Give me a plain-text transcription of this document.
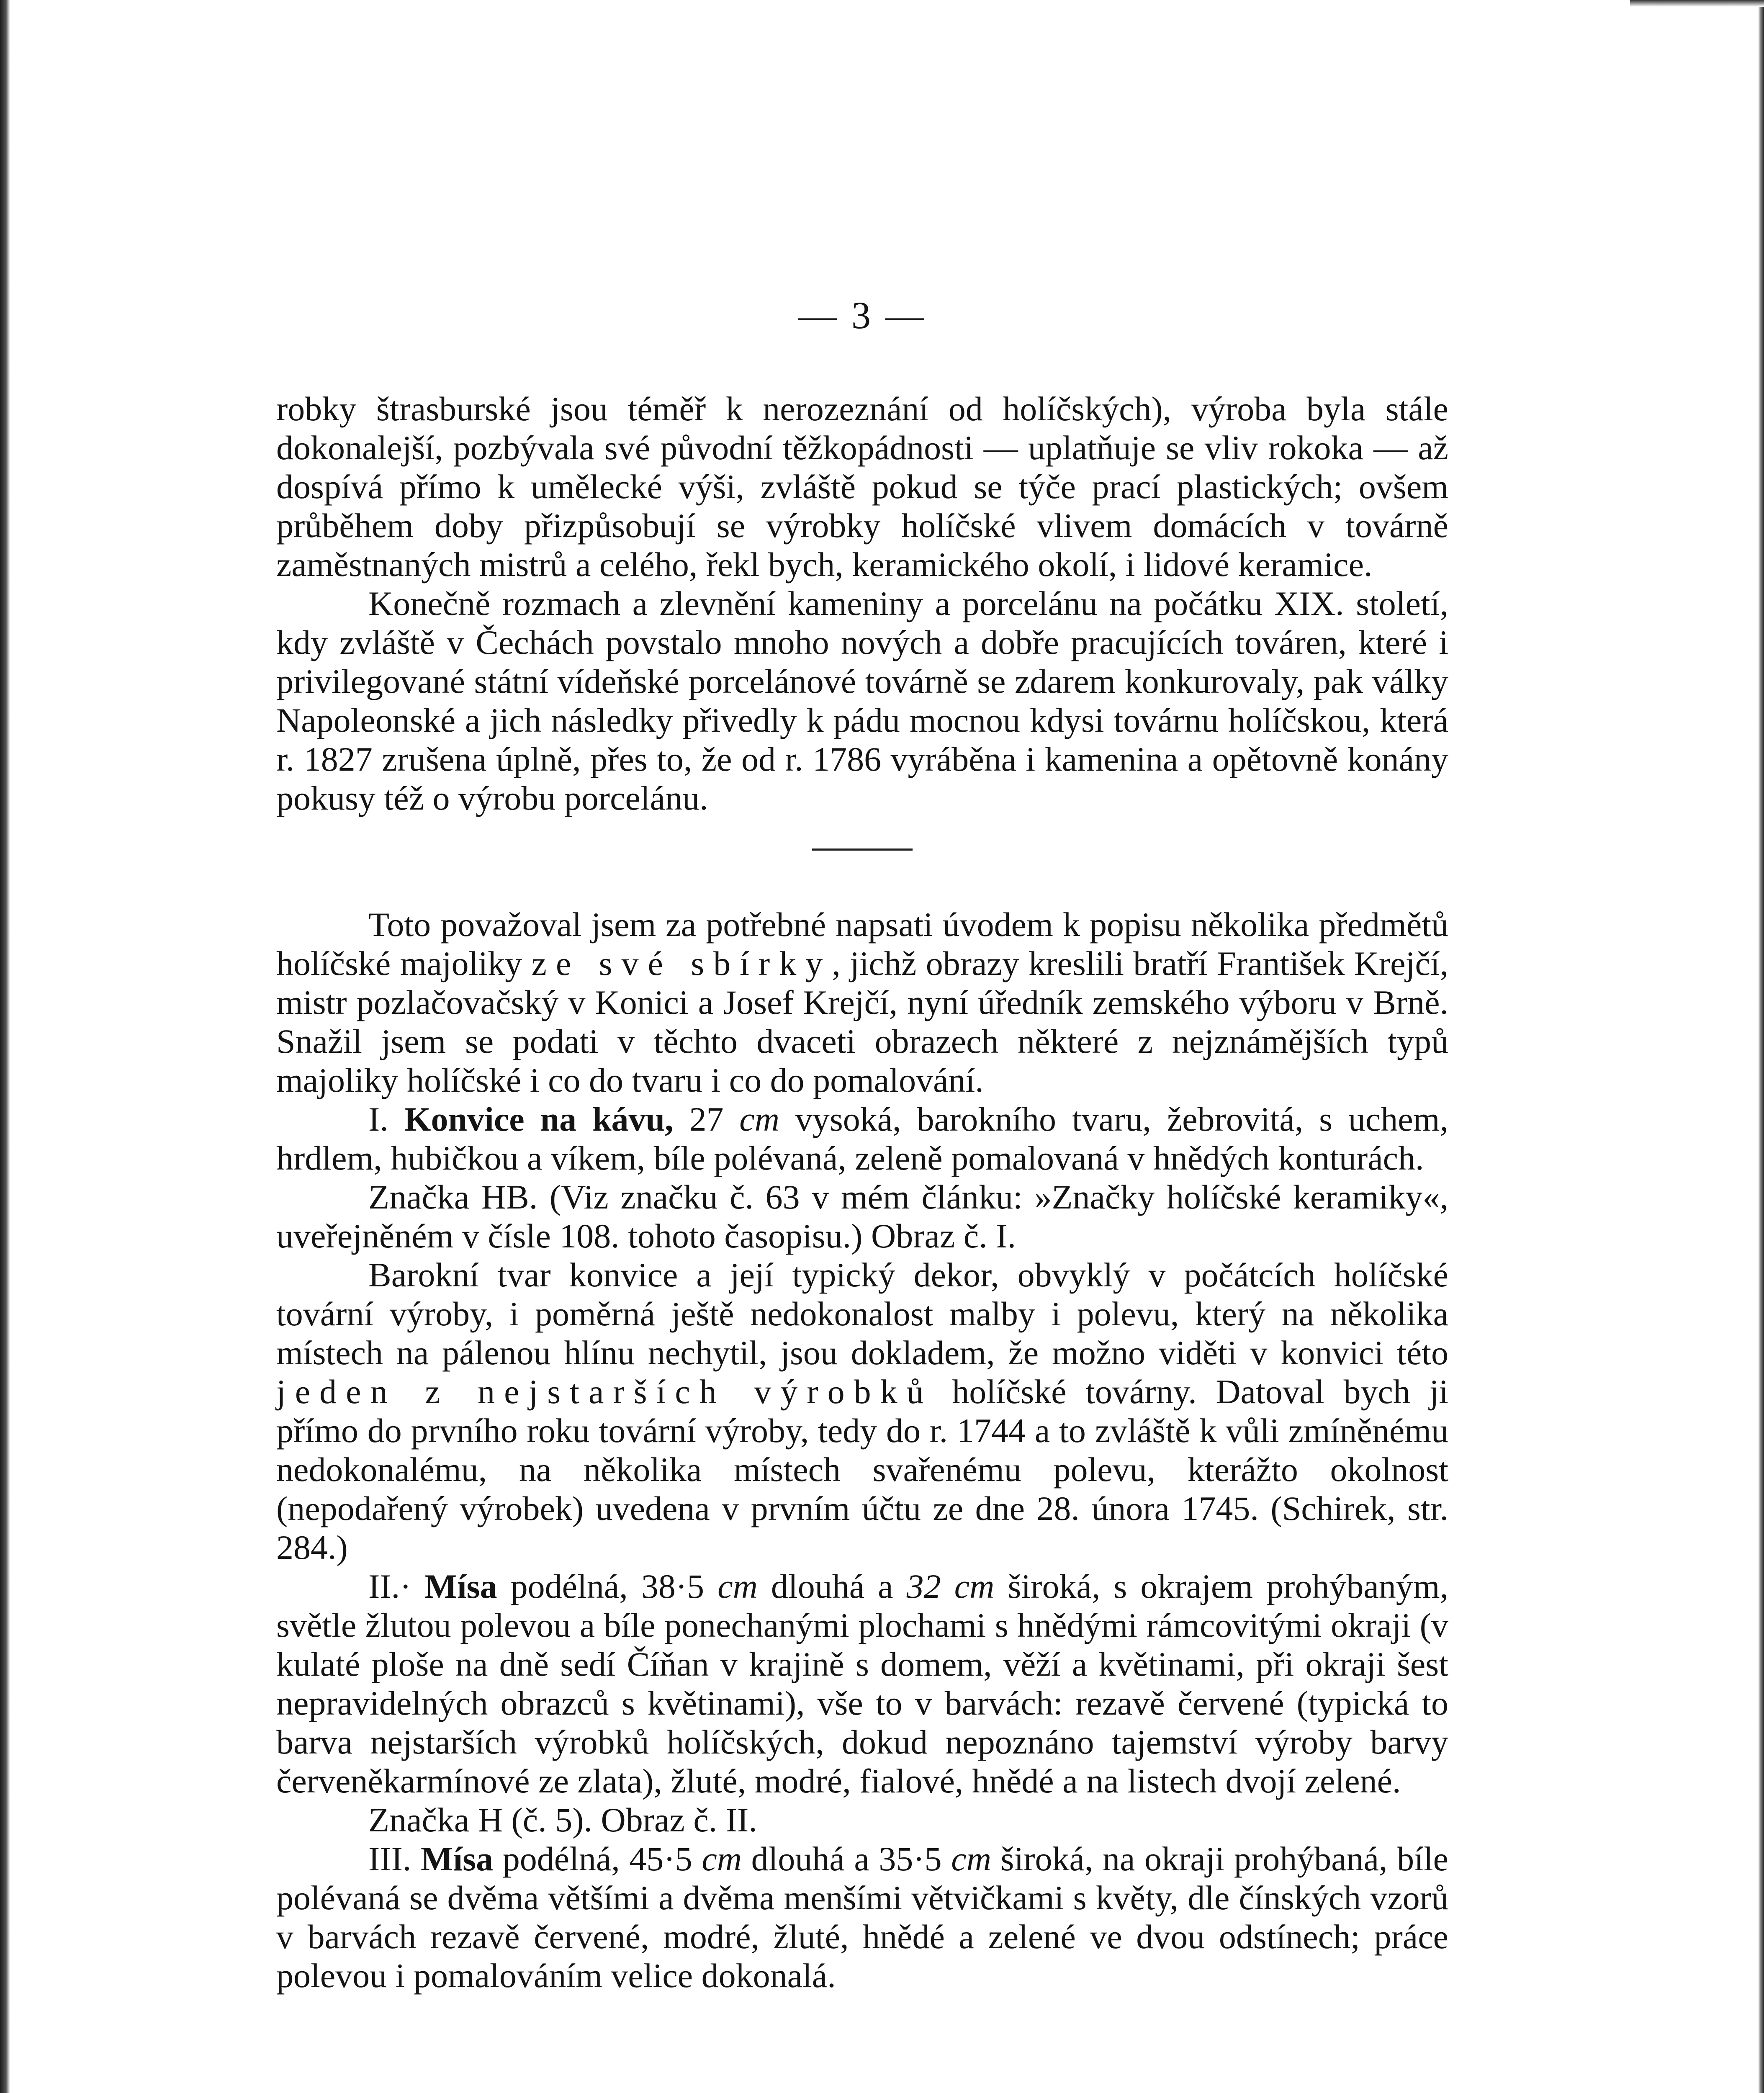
— 3 —

robky štrasburské jsou téměř k nerozeznání od holíčských), výroba byla stále dokonalejší, pozbývala své původní těžkopádnosti — uplatňuje se vliv rokoka — až dospívá přímo k umělecké výši, zvláště pokud se týče prací plastických; ovšem průběhem doby přizpůsobují se výrobky holíčské vlivem domácích v továrně zaměstnaných mistrů a celého, řekl bych, keramického okolí, i lidové keramice.

Konečně rozmach a zlevnění kameniny a porcelánu na počátku XIX. století, kdy zvláště v Čechách povstalo mnoho nových a dobře pracujících továren, které i privilegované státní vídeňské porcelánové továrně se zdarem konkurovaly, pak války Napoleonské a jich následky přivedly k pádu mocnou kdysi továrnu holíčskou, která r. 1827 zrušena úplně, přes to, že od r. 1786 vyráběna i kamenina a opětovně konány pokusy též o výrobu porcelánu.

Toto považoval jsem za potřebné napsati úvodem k popisu několika předmětů holíčské majoliky ze své sbírky, jichž obrazy kreslili bratří František Krejčí, mistr pozlačovačský v Konici a Josef Krejčí, nyní úředník zemského výboru v Brně. Snažil jsem se podati v těchto dvaceti obrazech některé z nejznámějších typů majoliky holíčské i co do tvaru i co do pomalování.

I. Konvice na kávu, 27 cm vysoká, barokního tvaru, žebrovitá, s uchem, hrdlem, hubičkou a víkem, bíle polévaná, zeleně pomalovaná v hnědých konturách.

Značka HB. (Viz značku č. 63 v mém článku: »Značky holíčské keramiky«, uveřejněném v čísle 108. tohoto časopisu.) Obraz č. I.

Barokní tvar konvice a její typický dekor, obvyklý v počátcích holíčské tovární výroby, i poměrná ještě nedokonalost malby i polevu, který na několika místech na pálenou hlínu nechytil, jsou dokladem, že možno viděti v konvici této jeden z nejstarších výrobků holíčské továrny. Datoval bych ji přímo do prvního roku tovární výroby, tedy do r. 1744 a to zvláště k vůli zmíněnému nedokonalému, na několika místech svařenému polevu, kterážto okolnost (nepodařený výrobek) uvedena v prvním účtu ze dne 28. února 1745. (Schirek, str. 284.)

II.· Mísa podélná, 38·5 cm dlouhá a 32 cm široká, s okrajem prohýbaným, světle žlutou polevou a bíle ponechanými plochami s hnědými rámcovitými okraji (v kulaté ploše na dně sedí Číňan v krajině s domem, věží a květinami, při okraji šest nepravidelných obrazců s květinami), vše to v barvách: rezavě červené (typická to barva nejstarších výrobků holíčských, dokud nepoznáno tajemství výroby barvy červeněkarmínové ze zlata), žluté, modré, fialové, hnědé a na listech dvojí zelené.

Značka H (č. 5). Obraz č. II.

III. Mísa podélná, 45·5 cm dlouhá a 35·5 cm široká, na okraji prohýbaná, bíle polévaná se dvěma většími a dvěma menšími větvičkami s květy, dle čínských vzorů v barvách rezavě červené, modré, žluté, hnědé a zelené ve dvou odstínech; práce polevou i pomalováním velice dokonalá.
